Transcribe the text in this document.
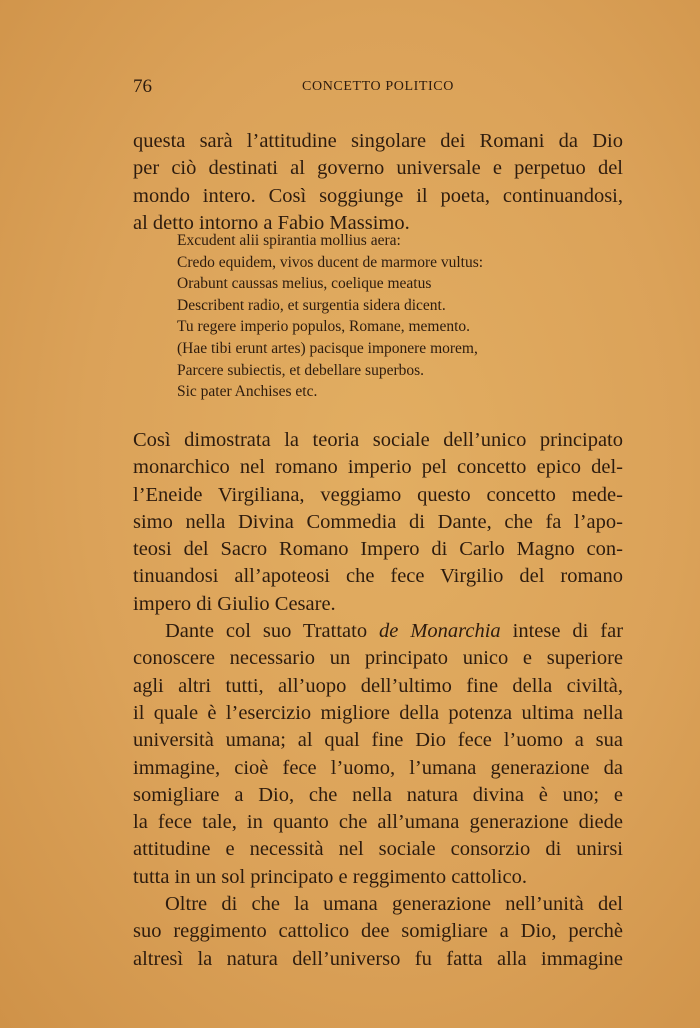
76	CONCETTO POLITICO
questa sarà l’attitudine singolare dei Romani da Dio
per ciò destinati al governo universale e perpetuo del
mondo intero. Così soggiunge il poeta, continuandosi,
al detto intorno a Fabio Massimo.
Excudent alii spirantia mollius aera:
Credo equidem, vivos ducent de marmore vultus:
Orabunt caussas melius, coelique meatus
Describent radio, et surgentia sidera dicent.
Tu regere imperio populos, Romane, memento.
(Hae tibi erunt artes) pacisque imponere morem,
Parcere subiectis, et debellare superbos.
Sic pater Anchises etc.
Così dimostrata la teoria sociale dell’unico principato
monarchico nel romano imperio pel concetto epico del-
l’Eneide Virgiliana, veggiamo questo concetto mede-
simo nella Divina Commedia di Dante, che fa l’apo-
teosi del Sacro Romano Impero di Carlo Magno con-
tinuandosi all’apoteosi che fece Virgilio del romano
impero di Giulio Cesare.
Dante col suo Trattato de Monarchia intese di far
conoscere necessario un principato unico e superiore
agli altri tutti, all’uopo dell’ultimo fine della civiltà,
il quale è l’esercizio migliore della potenza ultima nella
università umana; al qual fine Dio fece l’uomo a sua
immagine, cioè fece l’uomo, l’umana generazione da
somigliare a Dio, che nella natura divina è uno; e
la fece tale, in quanto che all’umana generazione diede
attitudine e necessità nel sociale consorzio di unirsi
tutta in un sol principato e reggimento cattolico.
Oltre di che la umana generazione nell’unità del
suo reggimento cattolico dee somigliare a Dio, perchè
altresì la natura dell’universo fu fatta alla immagine
